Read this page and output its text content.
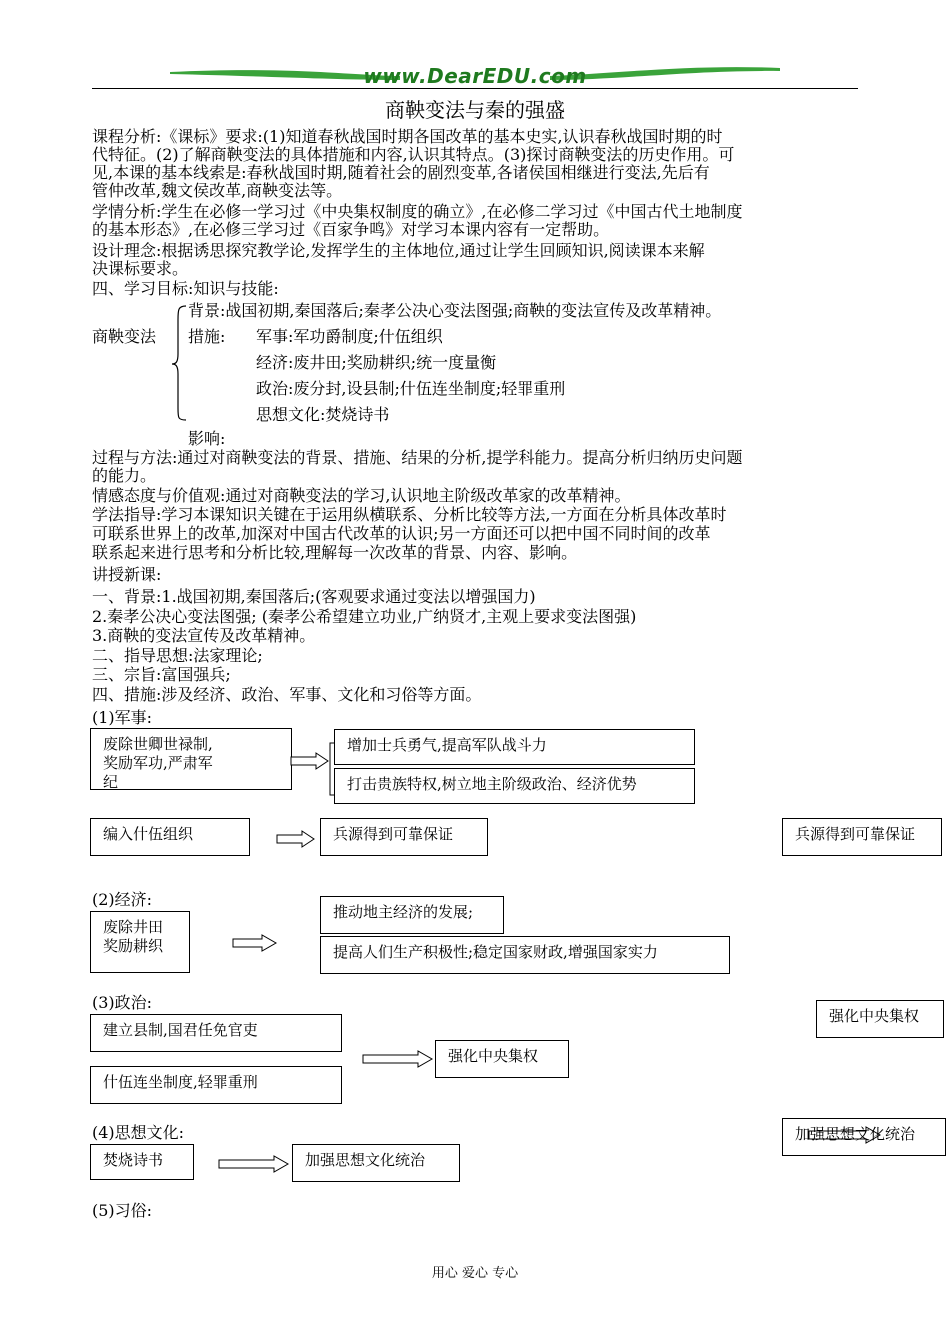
www.DearEDU.com
商鞅变法与秦的强盛
课程分析:《课标》要求:(1)知道春秋战国时期各国改革的基本史实,认识春秋战国时期的时
代特征。(2)了解商鞅变法的具体措施和内容,认识其特点。(3)探讨商鞅变法的历史作用。可
见,本课的基本线索是:春秋战国时期,随着社会的剧烈变革,各诸侯国相继进行变法,先后有
管仲改革,魏文侯改革,商鞅变法等。
学情分析:学生在必修一学习过《中央集权制度的确立》,在必修二学习过《中国古代土地制度
的基本形态》,在必修三学习过《百家争鸣》对学习本课内容有一定帮助。
设计理念:根据诱思探究教学论,发挥学生的主体地位,通过让学生回顾知识,阅读课本来解
决课标要求。
四、学习目标:知识与技能:
商鞅变法
背景:战国初期,秦国落后;秦孝公决心变法图强;商鞅的变法宣传及改革精神。
措施: 军事:军功爵制度;什伍组织
经济:废井田;奖励耕织;统一度量衡
政治:废分封,设县制;什伍连坐制度;轻罪重刑
思想文化:焚烧诗书
影响:
过程与方法:通过对商鞅变法的背景、措施、结果的分析,提学科能力。提高分析归纳历史问题
的能力。
情感态度与价值观:通过对商鞅变法的学习,认识地主阶级改革家的改革精神。
学法指导:学习本课知识关键在于运用纵横联系、分析比较等方法,一方面在分析具体改革时
可联系世界上的改革,加深对中国古代改革的认识;另一方面还可以把中国不同时间的改革
联系起来进行思考和分析比较,理解每一次改革的背景、内容、影响。
讲授新课:
一、背景:1.战国初期,秦国落后;(客观要求通过变法以增强国力)
2.秦孝公决心变法图强; (秦孝公希望建立功业,广纳贤才,主观上要求变法图强)
3.商鞅的变法宣传及改革精神。
二、指导思想:法家理论;
三、宗旨:富国强兵;
四、措施:涉及经济、政治、军事、文化和习俗等方面。
(1)军事:
废除世卿世禄制,
奖励军功,严肃军
纪
增加士兵勇气,提高军队战斗力
打击贵族特权,树立地主阶级政治、经济优势
编入什伍组织	兵源得到可靠保证	兵源得到可靠保证
(2)经济:
废除井田
奖励耕织
推动地主经济的发展;
提高人们生产积极性;稳定国家财政,增强国家实力
(3)政治:
建立县制,国君任免官吏
什伍连坐制度,轻罪重刑
强化中央集权
强化中央集权
(4)思想文化:
焚烧诗书	加强思想文化统治
加强思想文化统治
(5)习俗:
用心 爱心 专心
